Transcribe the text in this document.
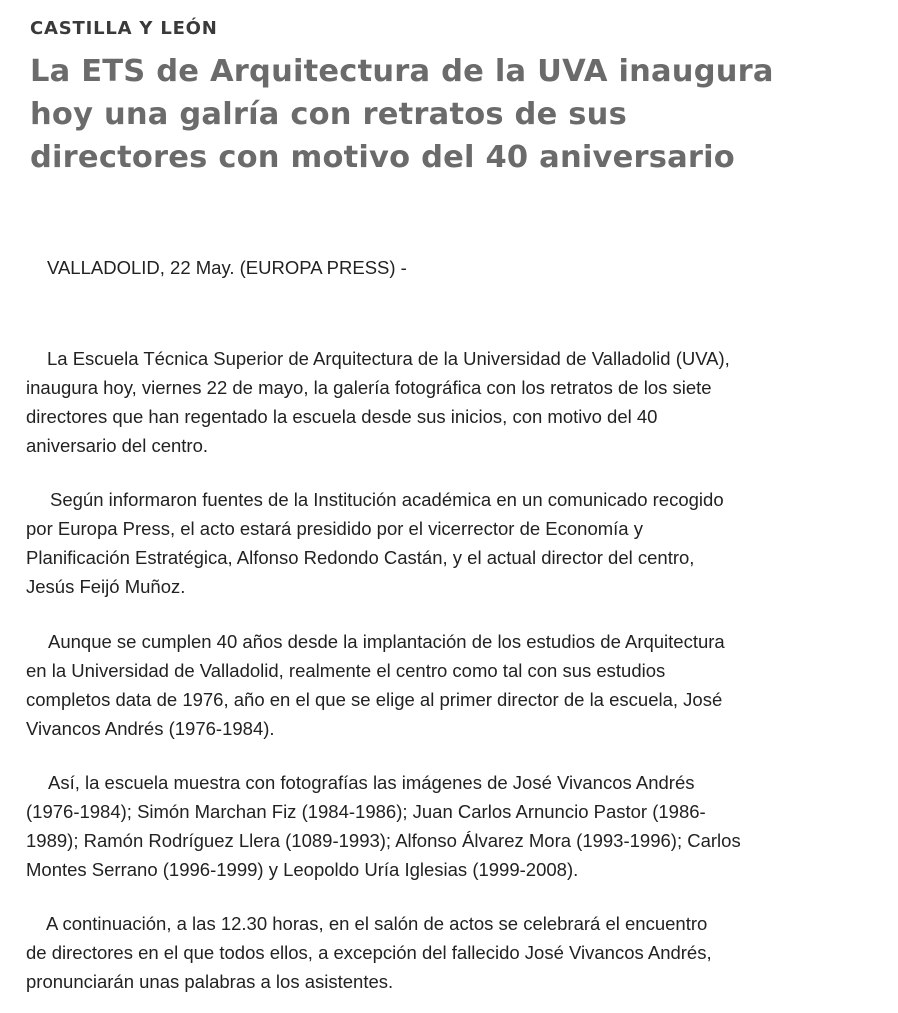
CASTILLA Y LEÓN
La ETS de Arquitectura de la UVA inaugura
hoy una galría con retratos de sus
directores con motivo del 40 aniversario
VALLADOLID, 22 May. (EUROPA PRESS) -
La Escuela Técnica Superior de Arquitectura de la Universidad de Valladolid (UVA),
inaugura hoy, viernes 22 de mayo, la galería fotográfica con los retratos de los siete
directores que han regentado la escuela desde sus inicios, con motivo del 40
aniversario del centro.
Según informaron fuentes de la Institución académica en un comunicado recogido
por Europa Press, el acto estará presidido por el vicerrector de Economía y
Planificación Estratégica, Alfonso Redondo Castán, y el actual director del centro,
Jesús Feijó Muñoz.
Aunque se cumplen 40 años desde la implantación de los estudios de Arquitectura
en la Universidad de Valladolid, realmente el centro como tal con sus estudios
completos data de 1976, año en el que se elige al primer director de la escuela, José
Vivancos Andrés (1976-1984).
Así, la escuela muestra con fotografías las imágenes de José Vivancos Andrés
(1976-1984); Simón Marchan Fiz (1984-1986); Juan Carlos Arnuncio Pastor (1986-
1989); Ramón Rodríguez Llera (1089-1993); Alfonso Álvarez Mora (1993-1996); Carlos
Montes Serrano (1996-1999) y Leopoldo Uría Iglesias (1999-2008).
A continuación, a las 12.30 horas, en el salón de actos se celebrará el encuentro
de directores en el que todos ellos, a excepción del fallecido José Vivancos Andrés,
pronunciarán unas palabras a los asistentes.
